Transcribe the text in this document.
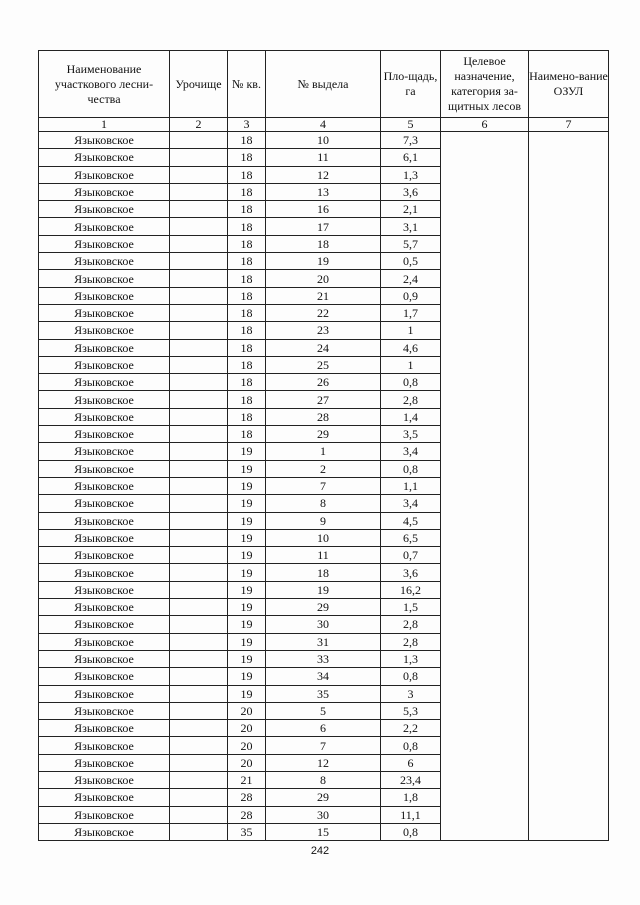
Наименование участкового лесни-чества	Урочище	№ кв.	№ выдела	Пло-щадь, га	Целевое назначение, категория за-щитных лесов	Наимено-вание ОЗУЛ
1	2	3	4	5	6	7
Языковское		18	10	7,3		
Языковское		18	11	6,1		
Языковское		18	12	1,3		
Языковское		18	13	3,6		
Языковское		18	16	2,1		
Языковское		18	17	3,1		
Языковское		18	18	5,7		
Языковское		18	19	0,5		
Языковское		18	20	2,4		
Языковское		18	21	0,9		
Языковское		18	22	1,7		
Языковское		18	23	1		
Языковское		18	24	4,6		
Языковское		18	25	1		
Языковское		18	26	0,8		
Языковское		18	27	2,8		
Языковское		18	28	1,4		
Языковское		18	29	3,5		
Языковское		19	1	3,4		
Языковское		19	2	0,8		
Языковское		19	7	1,1		
Языковское		19	8	3,4		
Языковское		19	9	4,5		
Языковское		19	10	6,5		
Языковское		19	11	0,7		
Языковское		19	18	3,6		
Языковское		19	19	16,2		
Языковское		19	29	1,5		
Языковское		19	30	2,8		
Языковское		19	31	2,8		
Языковское		19	33	1,3		
Языковское		19	34	0,8		
Языковское		19	35	3		
Языковское		20	5	5,3		
Языковское		20	6	2,2		
Языковское		20	7	0,8		
Языковское		20	12	6		
Языковское		21	8	23,4		
Языковское		28	29	1,8		
Языковское		28	30	11,1		
Языковское		35	15	0,8		
242
